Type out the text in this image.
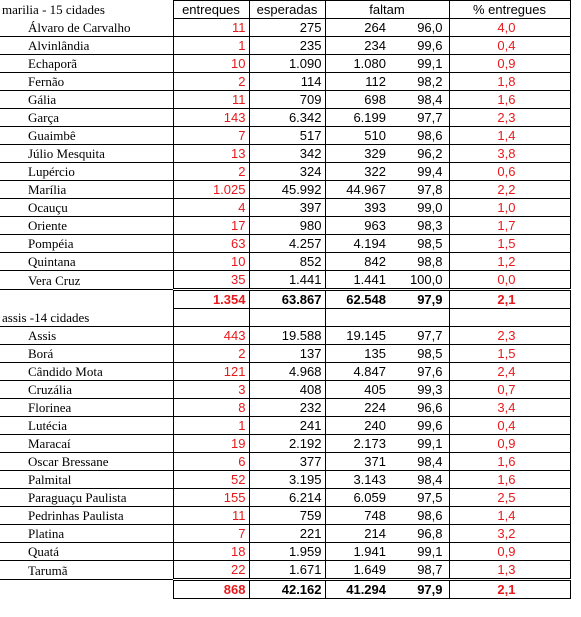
marilia - 15 cidades	entreques	esperadas	faltam		% entregues
Álvaro de Carvalho	11	275	264	96,0	4,0
Alvinlândia	1	235	234	99,6	0,4
Echaporã	10	1.090	1.080	99,1	0,9
Fernão	2	114	112	98,2	1,8
Gália	11	709	698	98,4	1,6
Garça	143	6.342	6.199	97,7	2,3
Guaimbê	7	517	510	98,6	1,4
Júlio Mesquita	13	342	329	96,2	3,8
Lupércio	2	324	322	99,4	0,6
Marília	1.025	45.992	44.967	97,8	2,2
Ocauçu	4	397	393	99,0	1,0
Oriente	17	980	963	98,3	1,7
Pompéia	63	4.257	4.194	98,5	1,5
Quintana	10	852	842	98,8	1,2
Vera Cruz	35	1.441	1.441	100,0	0,0
	1.354	63.867	62.548	97,9	2,1
assis -14 cidades					
Assis	443	19.588	19.145	97,7	2,3
Borá	2	137	135	98,5	1,5
Cândido Mota	121	4.968	4.847	97,6	2,4
Cruzália	3	408	405	99,3	0,7
Florinea	8	232	224	96,6	3,4
Lutécia	1	241	240	99,6	0,4
Maracaí	19	2.192	2.173	99,1	0,9
Oscar Bressane	6	377	371	98,4	1,6
Palmital	52	3.195	3.143	98,4	1,6
Paraguaçu Paulista	155	6.214	6.059	97,5	2,5
Pedrinhas Paulista	11	759	748	98,6	1,4
Platina	7	221	214	96,8	3,2
Quatá	18	1.959	1.941	99,1	0,9
Tarumã	22	1.671	1.649	98,7	1,3
	868	42.162	41.294	97,9	2,1
